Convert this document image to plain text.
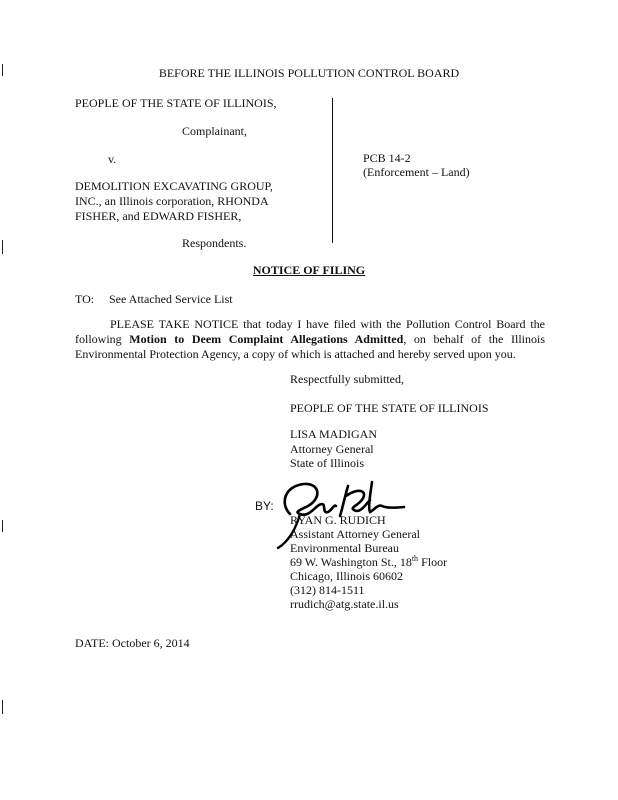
BEFORE THE ILLINOIS POLLUTION CONTROL BOARD
PEOPLE OF THE STATE OF ILLINOIS,
Complainant,
v.
DEMOLITION EXCAVATING GROUP,
INC., an Illinois corporation, RHONDA
FISHER, and EDWARD FISHER,
Respondents.
PCB 14-2
(Enforcement – Land)
NOTICE OF FILING
TO: See Attached Service List
PLEASE TAKE NOTICE that today I have filed with the Pollution Control Board the following Motion to Deem Complaint Allegations Admitted, on behalf of the Illinois Environmental Protection Agency, a copy of which is attached and hereby served upon you.
Respectfully submitted,
PEOPLE OF THE STATE OF ILLINOIS
LISA MADIGAN
Attorney General
State of Illinois
BY:
RYAN G. RUDICH
Assistant Attorney General
Environmental Bureau
69 W. Washington St., 18th Floor
Chicago, Illinois 60602
(312) 814-1511
rrudich@atg.state.il.us
DATE: October 6, 2014
